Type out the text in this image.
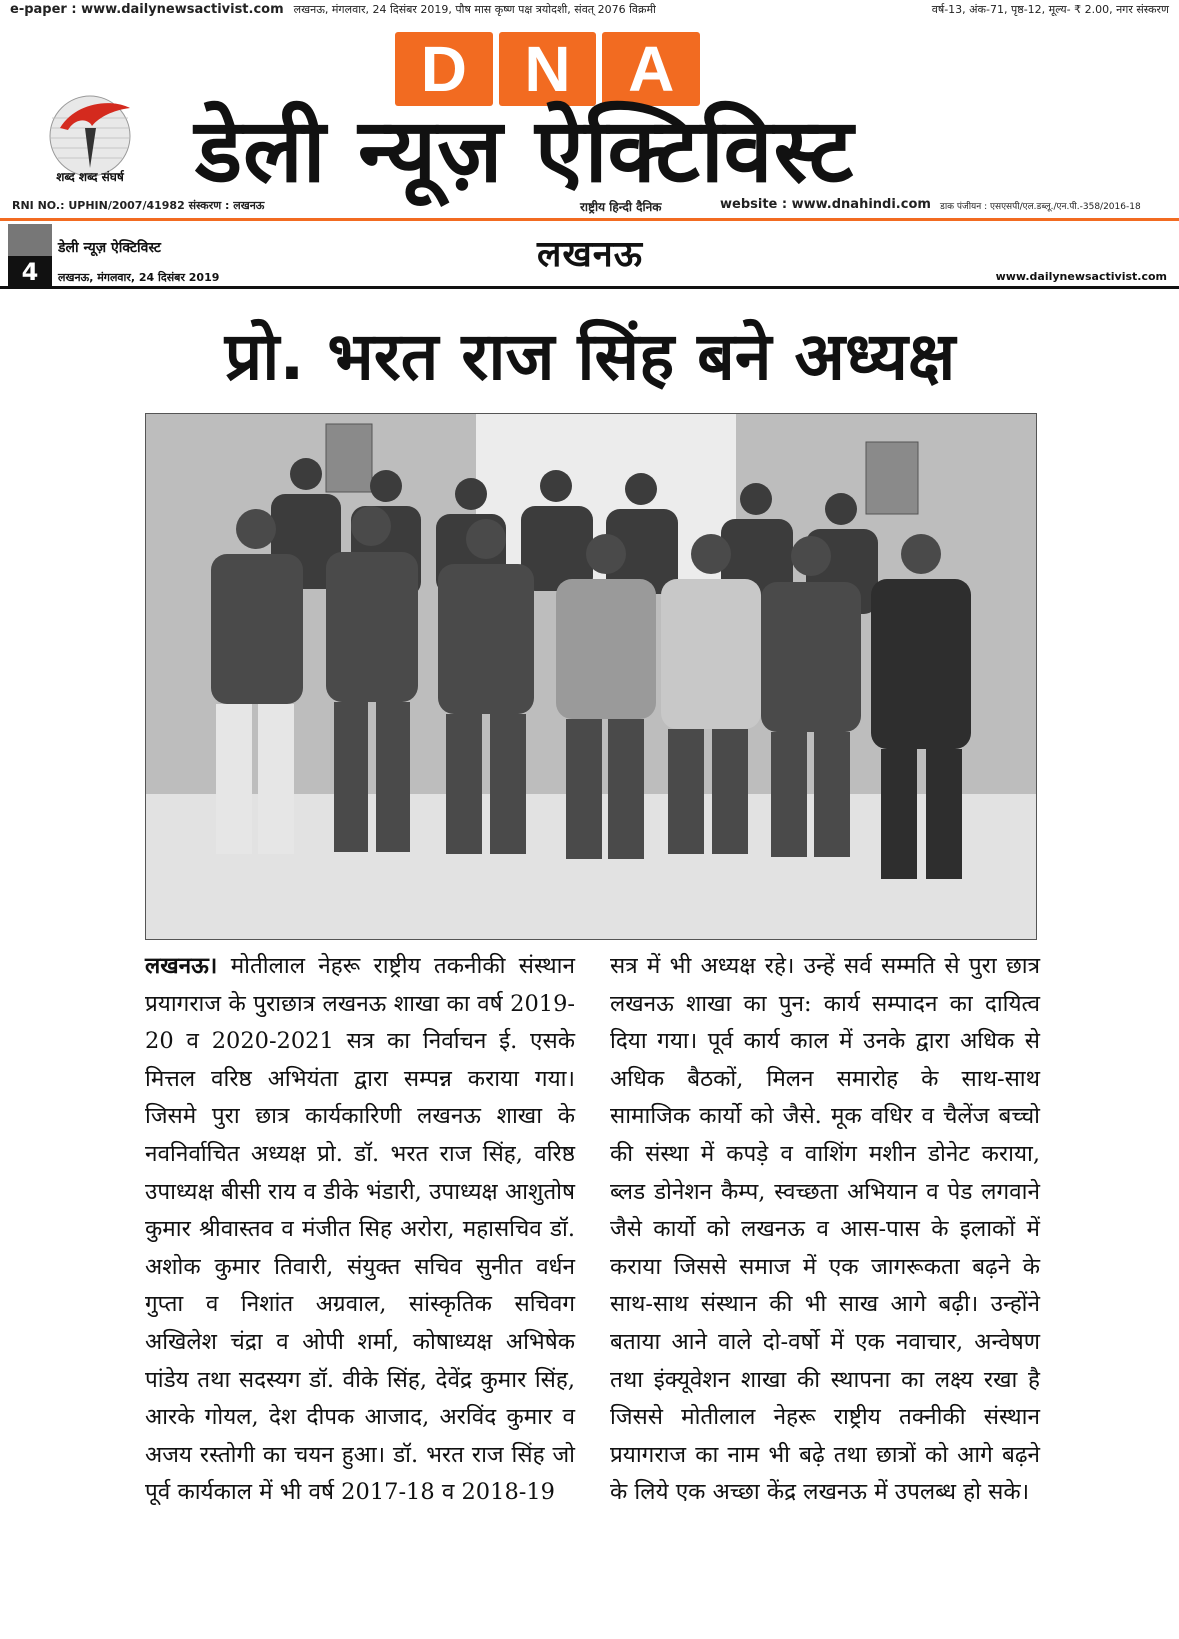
e-paper : www.dailynewsactivist.com लखनऊ, मंगलवार, 24 दिसंबर 2019, पौष मास कृष्ण पक्ष त्रयोदशी, संवत् 2076 विक्रमी	वर्ष-13, अंक-71, पृष्ठ-12, मूल्य- ₹ 2.00, नगर संस्करण
शब्द शब्द संघर्ष
D N A
डेली न्यूज़ ऐक्टिविस्ट
RNI NO.: UPHIN/2007/41982 संस्करण : लखनऊ	राष्ट्रीय हिन्दी दैनिक	website : www.dnahindi.com डाक पंजीयन : एसएसपी/एल.डब्लू./एन.पी.-358/2016-18
4
डेली न्यूज़ ऐक्टिविस्ट
लखनऊ, मंगलवार, 24 दिसंबर 2019
लखनऊ
www.dailynewsactivist.com
प्रो. भरत राज सिंह बने अध्यक्ष

लखनऊ। मोतीलाल नेहरू राष्ट्रीय तकनीकी संस्थान प्रयागराज के पुराछात्र लखनऊ शाखा का वर्ष 2019-20 व 2020-2021 सत्र का निर्वाचन ई. एसके मित्तल वरिष्ठ अभियंता द्वारा सम्पन्न कराया गया। जिसमे पुरा छात्र कार्यकारिणी लखनऊ शाखा के नवनिर्वाचित अध्यक्ष प्रो. डॉ. भरत राज सिंह, वरिष्ठ उपाध्यक्ष बीसी राय व डीके भंडारी, उपाध्यक्ष आशुतोष कुमार श्रीवास्तव व मंजीत सिह अरोरा, महासचिव डॉ. अशोक कुमार तिवारी, संयुक्त सचिव सुनीत वर्धन गुप्ता व निशांत अग्रवाल, सांस्कृतिक सचिवग अखिलेश चंद्रा व ओपी शर्मा, कोषाध्यक्ष अभिषेक पांडेय तथा सदस्यग डॉ. वीके सिंह, देवेंद्र कुमार सिंह, आरके गोयल, देश दीपक आजाद, अरविंद कुमार व अजय रस्तोगी का चयन हुआ। डॉ. भरत राज सिंह जो पूर्व कार्यकाल में भी वर्ष 2017-18 व 2018-19

सत्र में भी अध्यक्ष रहे। उन्हें सर्व सम्मति से पुरा छात्र लखनऊ शाखा का पुन: कार्य सम्पादन का दायित्व दिया गया। पूर्व कार्य काल में उनके द्वारा अधिक से अधिक बैठकों, मिलन समारोह के साथ-साथ सामाजिक कार्यो को जैसे. मूक वधिर व चैलेंज बच्चो की संस्था में कपड़े व वाशिंग मशीन डोनेट कराया, ब्लड डोनेशन कैम्प, स्वच्छता अभियान व पेड लगवाने जैसे कार्यो को लखनऊ व आस-पास के इलाकों में कराया जिससे समाज में एक जागरूकता बढ़ने के साथ-साथ संस्थान की भी साख आगे बढ़ी। उन्होंने बताया आने वाले दो-वर्षो में एक नवाचार, अन्वेषण तथा इंक्यूवेशन शाखा की स्थापना का लक्ष्य रखा है जिससे मोतीलाल नेहरू राष्ट्रीय तक्नीकी संस्थान प्रयागराज का नाम भी बढ़े तथा छात्रों को आगे बढ़ने के लिये एक अच्छा केंद्र लखनऊ में उपलब्ध हो सके।
